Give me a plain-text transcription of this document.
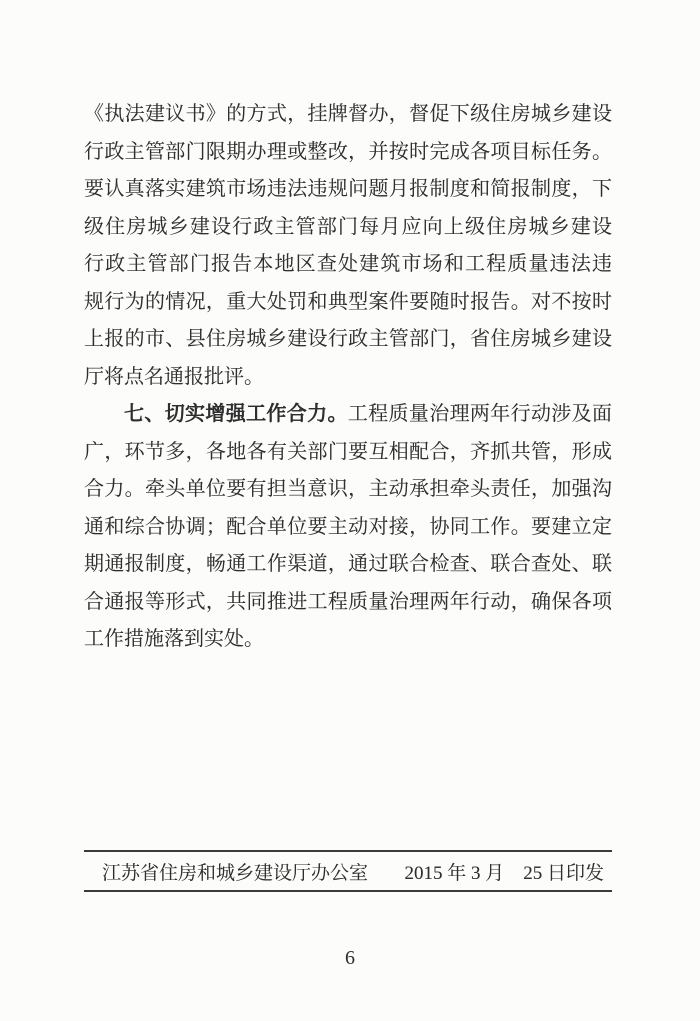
《执法建议书》的方式，挂牌督办，督促下级住房城乡建设
行政主管部门限期办理或整改，并按时完成各项目标任务。
要认真落实建筑市场违法违规问题月报制度和简报制度，下
级住房城乡建设行政主管部门每月应向上级住房城乡建设
行政主管部门报告本地区查处建筑市场和工程质量违法违
规行为的情况，重大处罚和典型案件要随时报告。对不按时
上报的市、县住房城乡建设行政主管部门，省住房城乡建设
厅将点名通报批评。
七、切实增强工作合力。工程质量治理两年行动涉及面
广，环节多，各地各有关部门要互相配合，齐抓共管，形成
合力。牵头单位要有担当意识，主动承担牵头责任，加强沟
通和综合协调；配合单位要主动对接，协同工作。要建立定
期通报制度，畅通工作渠道，通过联合检查、联合查处、联
合通报等形式，共同推进工程质量治理两年行动，确保各项
工作措施落到实处。
江苏省住房和城乡建设厅办公室 2015 年 3 月　25 日印发
6
